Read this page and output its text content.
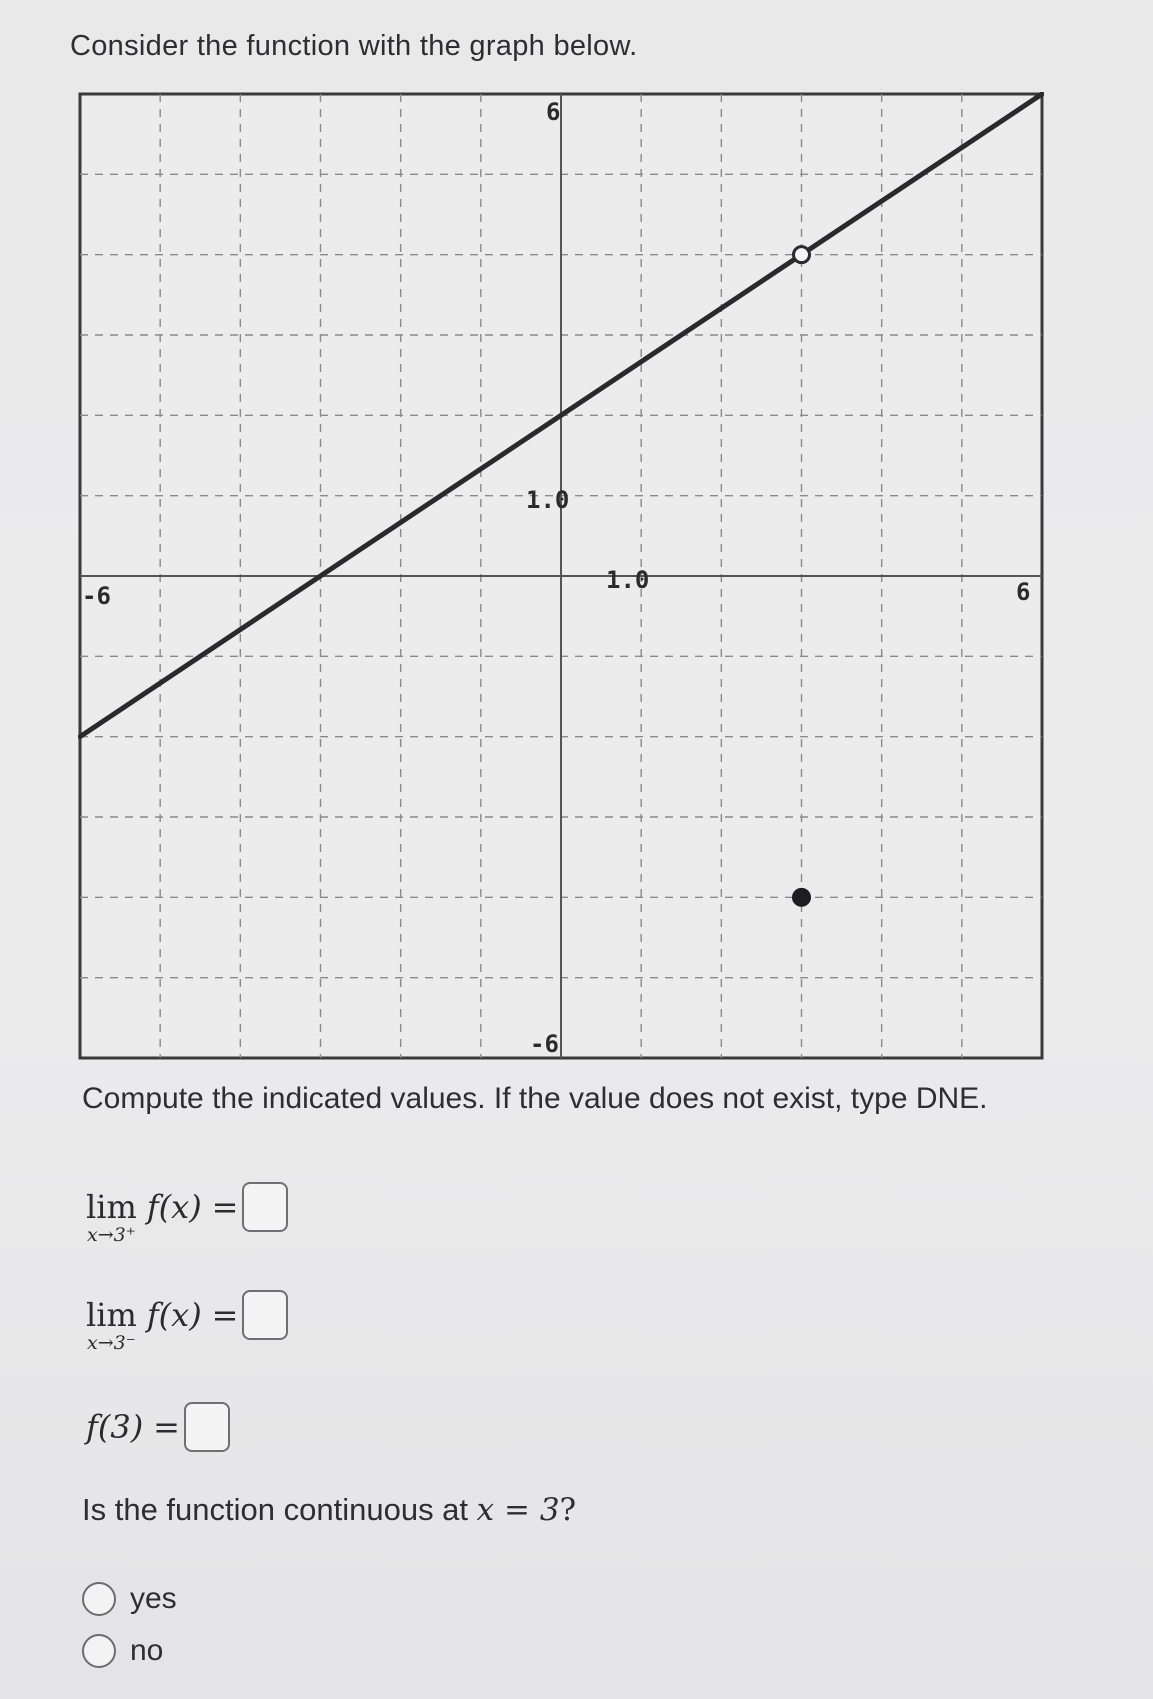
Consider the function with the graph below.
6
-6
-6	6
1.0
1.0
Compute the indicated values. If the value does not exist, type DNE.
lim
x→3⁺
f(x) =
lim
x→3⁻
f(x) =
f(3) =
Is the function continuous at x = 3?
yes
no
